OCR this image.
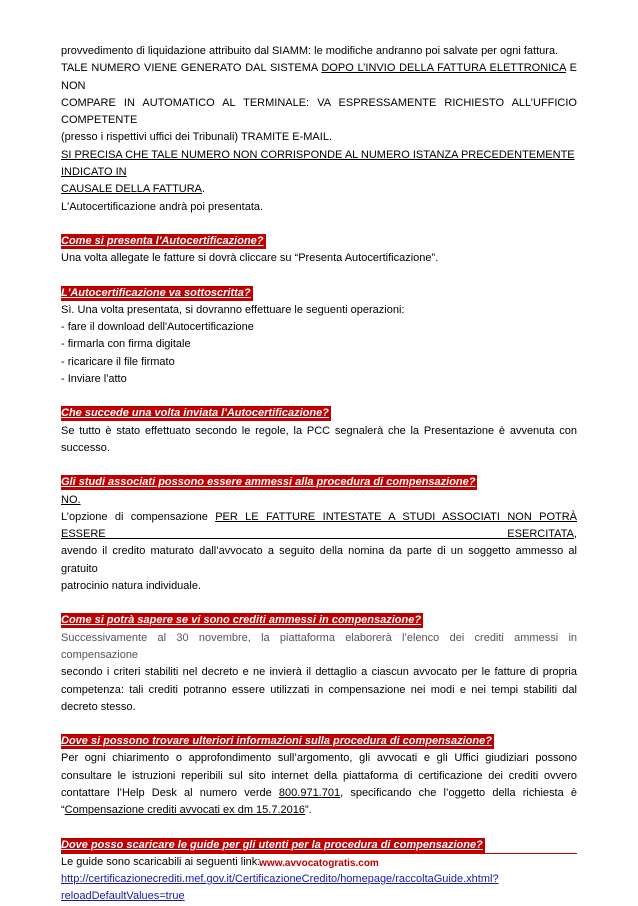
provvedimento di liquidazione attribuito dal SIAMM: le modifiche andranno poi salvate per ogni fattura.

TALE NUMERO VIENE GENERATO DAL SISTEMA DOPO L’INVIO DELLA FATTURA ELETTRONICA E NON

COMPARE IN AUTOMATICO AL TERMINALE: VA ESPRESSAMENTE RICHIESTO ALL’UFFICIO COMPETENTE

(presso i rispettivi uffici dei Tribunali) TRAMITE E-MAIL.

SI PRECISA CHE TALE NUMERO NON CORRISPONDE AL NUMERO ISTANZA PRECEDENTEMENTE INDICATO IN

CAUSALE DELLA FATTURA.

L'Autocertificazione andrà poi presentata.

Come si presenta l'Autocertificazione?

Una volta allegate le fatture si dovrà cliccare su “Presenta Autocertificazione”.

L'Autocertificazione va sottoscritta?

Sì. Una volta presentata, si dovranno effettuare le seguenti operazioni:

- fare il download dell'Autocertificazione

- firmarla con firma digitale

- ricaricare il file firmato

- Inviare l'atto

Che succede una volta inviata l'Autocertificazione?

Se tutto è stato effettuato secondo le regole, la PCC segnalerà che la Presentazione è avvenuta con

successo.

Gli studi associati possono essere ammessi alla procedura di compensazione?

NO.

L’opzione di compensazione PER LE FATTURE INTESTATE A STUDI ASSOCIATI NON POTRÀ ESSERE ESERCITATA,

avendo il credito maturato dall’avvocato a seguito della nomina da parte di un soggetto ammesso al gratuito

patrocinio natura individuale.

Come si potrà sapere se vi sono crediti ammessi in compensazione?

Successivamente al 30 novembre, la piattaforma elaborerà l’elenco dei crediti ammessi in compensazione

secondo i criteri stabiliti nel decreto e ne invierà il dettaglio a ciascun avvocato per le fatture di propria

competenza: tali crediti potranno essere utilizzati in compensazione nei modi e nei tempi stabiliti dal

decreto stesso.

Dove si possono trovare ulteriori informazioni sulla procedura di compensazione?

Per ogni chiarimento o approfondimento sull’argomento, gli avvocati e gli Uffici giudiziari possono

consultare le istruzioni reperibili sul sito internet della piattaforma di certificazione dei crediti ovvero

contattare l’Help Desk al numero verde 800.971.701, specificando che l’oggetto della richiesta è

“Compensazione crediti avvocati ex dm 15.7.2016”.

Dove posso scaricare le guide per gli utenti per la procedura di compensazione?

Le guide sono scaricabili ai seguenti link:

http://certificazionecrediti.mef.gov.it/CertificazioneCredito/homepage/raccoltaGuide.xhtml?

reloadDefaultValues=true

www.avvocatogratis.com
